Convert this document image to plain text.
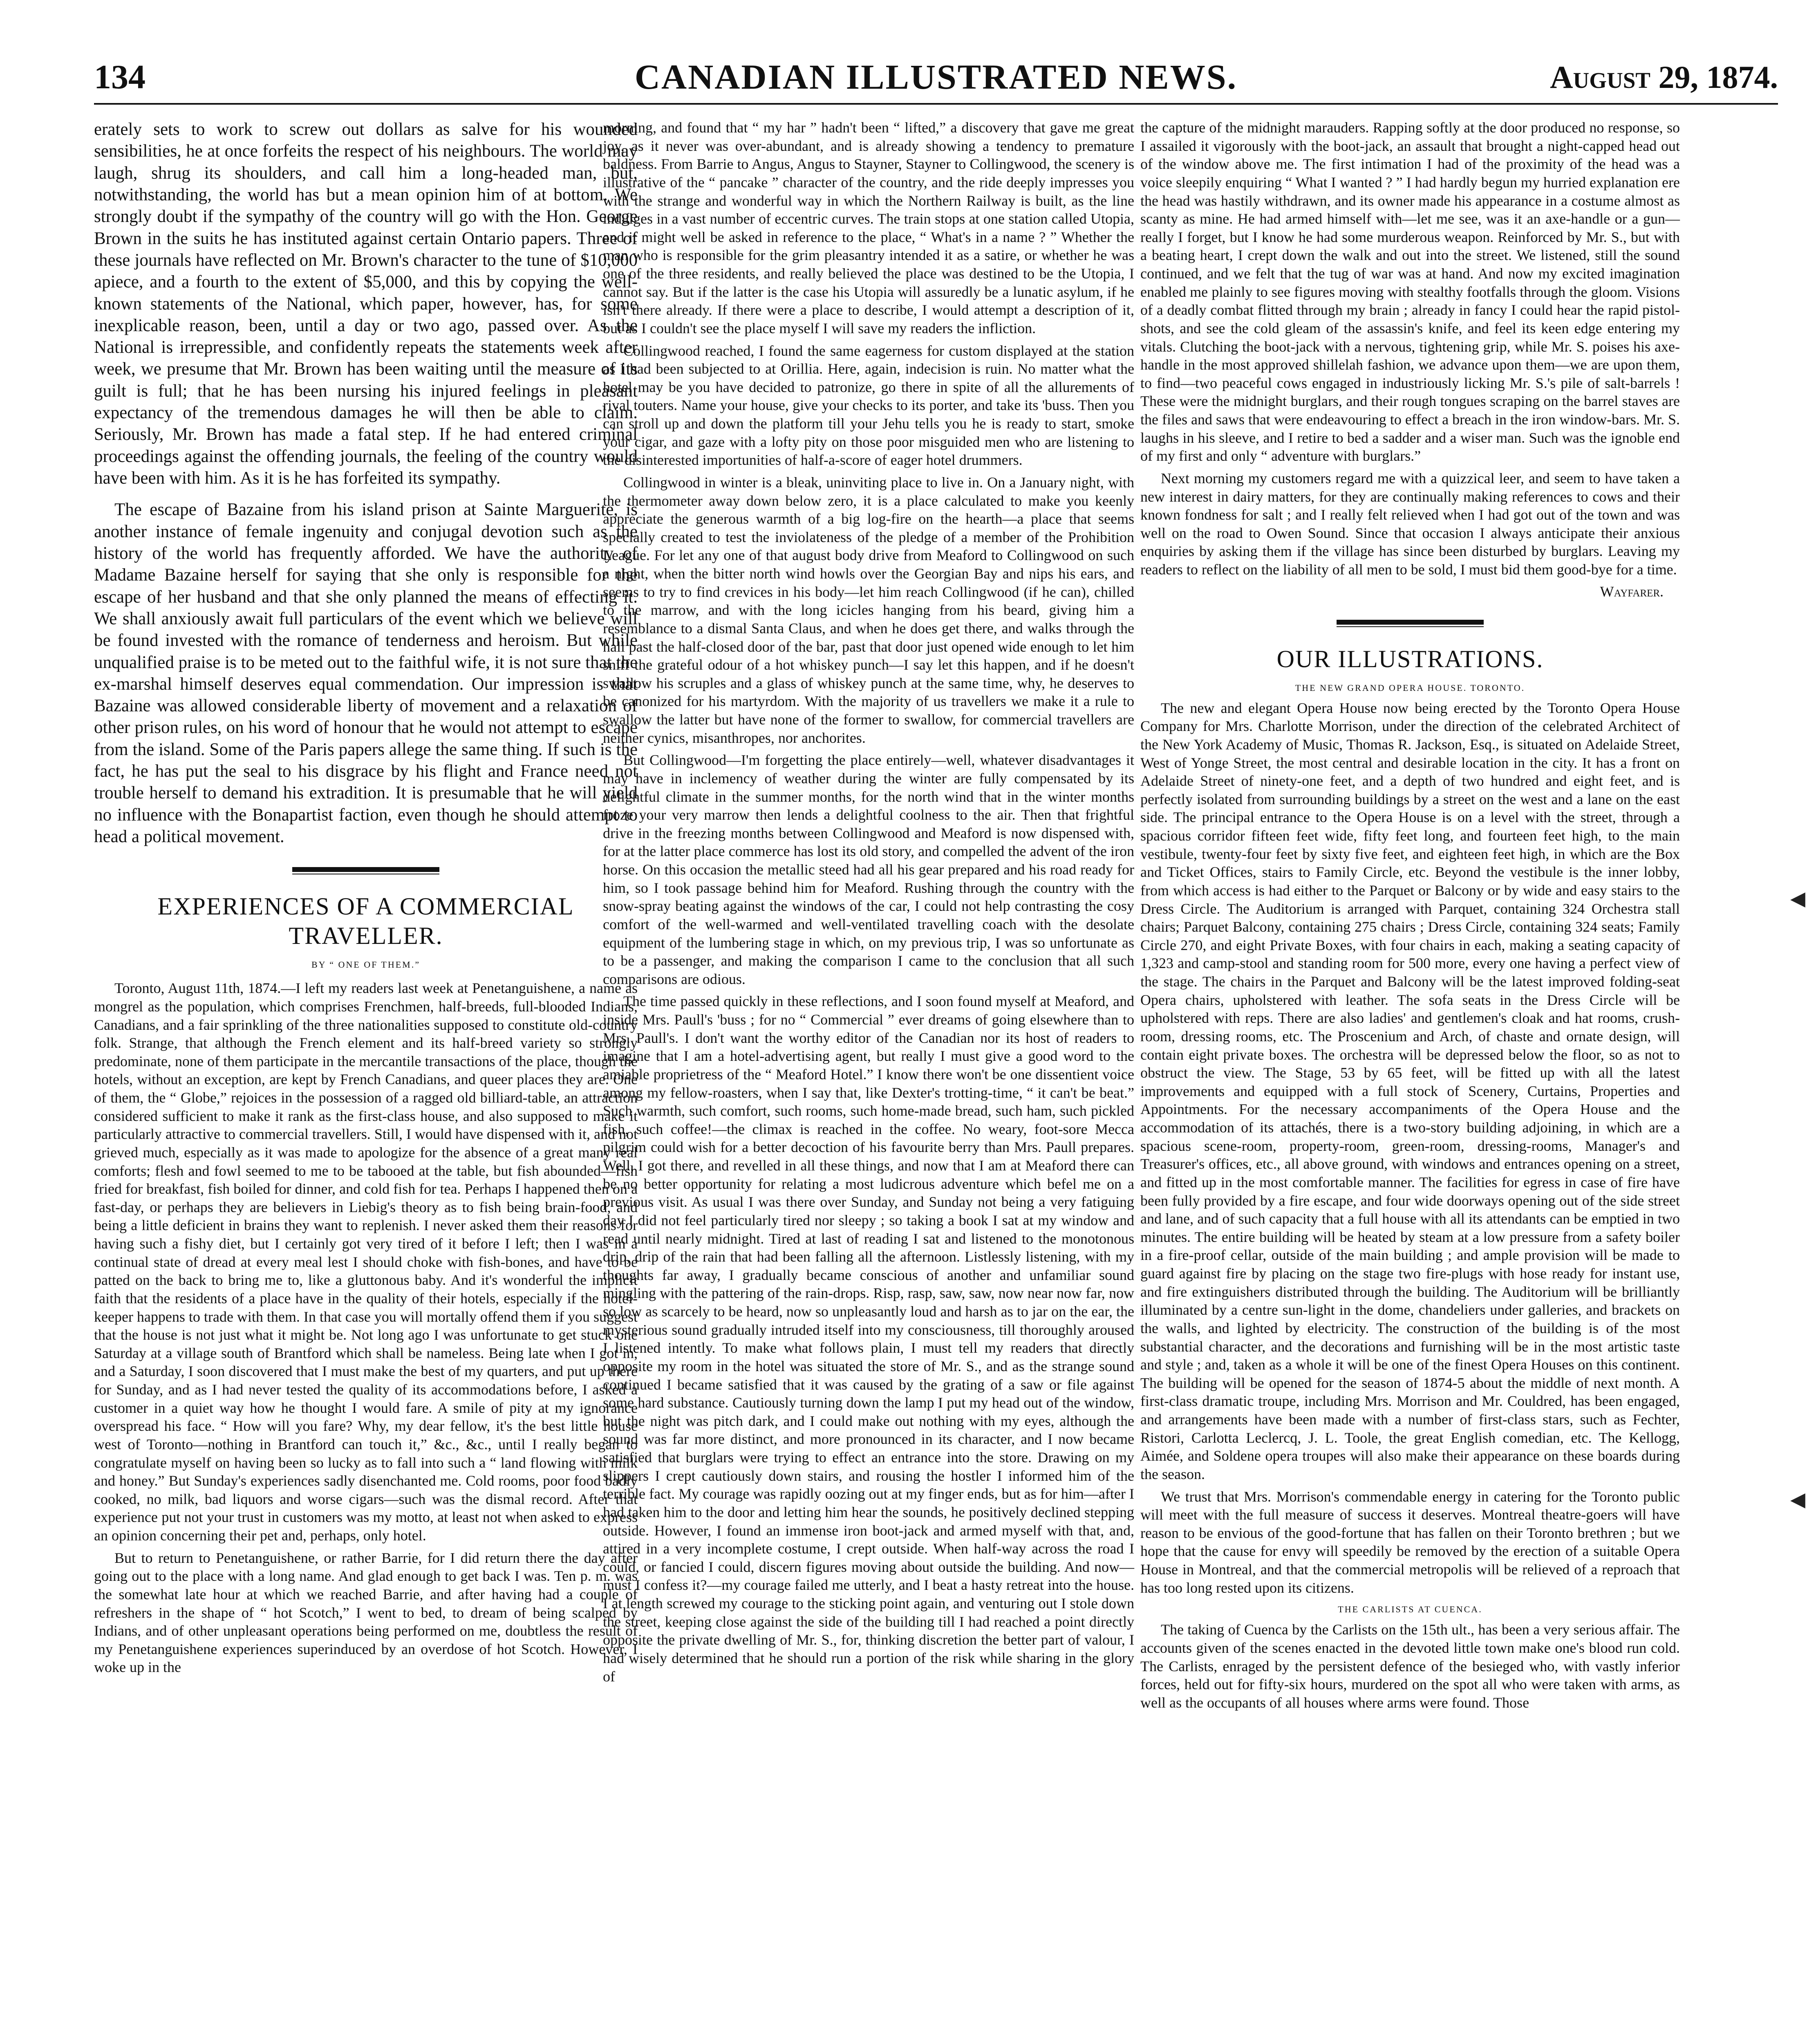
134	CANADIAN ILLUSTRATED NEWS.	August 29, 1874.

erately sets to work to screw out dollars as salve for his wounded sensibilities, he at once forfeits the respect of his neighbours. The world may laugh, shrug its shoulders, and call him a long-headed man, but, notwithstanding, the world has but a mean opinion him of at bottom. We strongly doubt if the sympathy of the country will go with the Hon. George Brown in the suits he has instituted against certain Ontario papers. Three of these journals have reflected on Mr. Brown's character to the tune of $10,000 apiece, and a fourth to the extent of $5,000, and this by copying the well-known statements of the National, which paper, however, has, for some inexplicable reason, been, until a day or two ago, passed over. As the National is irrepressible, and confidently repeats the statements week after week, we presume that Mr. Brown has been waiting until the measure of its guilt is full; that he has been nursing his injured feelings in pleasant expectancy of the tremendous damages he will then be able to claim. Seriously, Mr. Brown has made a fatal step. If he had entered criminal proceedings against the offending journals, the feeling of the country would have been with him. As it is he has forfeited its sympathy.

The escape of Bazaine from his island prison at Sainte Marguerite, is another instance of female ingenuity and conjugal devotion such as the history of the world has frequently afforded. We have the authority of Madame Bazaine herself for saying that she only is responsible for the escape of her husband and that she only planned the means of effecting it. We shall anxiously await full particulars of the event which we believe will be found invested with the romance of tenderness and heroism. But while unqualified praise is to be meted out to the faithful wife, it is not sure that the ex-marshal himself deserves equal commendation. Our impression is that Bazaine was allowed considerable liberty of movement and a relaxation of other prison rules, on his word of honour that he would not attempt to escape from the island. Some of the Paris papers allege the same thing. If such is the fact, he has put the seal to his disgrace by his flight and France need not trouble herself to demand his extradition. It is presumable that he will yield no influence with the Bonapartist faction, even though he should attempt to head a political movement.

EXPERIENCES OF A COMMERCIAL TRAVELLER.
BY “ ONE OF THEM.”

Toronto, August 11th, 1874.—I left my readers last week at Penetanguishene, a name as mongrel as the population, which comprises Frenchmen, half-breeds, full-blooded Indians, Canadians, and a fair sprinkling of the three nationalities supposed to constitute old-country folk. Strange, that although the French element and its half-breed variety so strongly predominate, none of them participate in the mercantile transactions of the place, though the hotels, without an exception, are kept by French Canadians, and queer places they are. One of them, the “ Globe,” rejoices in the possession of a ragged old billiard-table, an attraction considered sufficient to make it rank as the first-class house, and also supposed to make it particularly attractive to commercial travellers. Still, I would have dispensed with it, and not grieved much, especially as it was made to apologize for the absence of a great many real comforts; flesh and fowl seemed to me to be tabooed at the table, but fish abounded—fish fried for breakfast, fish boiled for dinner, and cold fish for tea. Perhaps I happened then on a fast-day, or perhaps they are believers in Liebig's theory as to fish being brain-food, and being a little deficient in brains they want to replenish. I never asked them their reasons for having such a fishy diet, but I certainly got very tired of it before I left; then I was in a continual state of dread at every meal lest I should choke with fish-bones, and have to be patted on the back to bring me to, like a gluttonous baby. And it's wonderful the implicit faith that the residents of a place have in the quality of their hotels, especially if the hotel-keeper happens to trade with them. In that case you will mortally offend them if you suggest that the house is not just what it might be. Not long ago I was unfortunate to get stuck one Saturday at a village south of Brantford which shall be nameless. Being late when I got in, and a Saturday, I soon discovered that I must make the best of my quarters, and put up there for Sunday, and as I had never tested the quality of its accommodations before, I asked a customer in a quiet way how he thought I would fare. A smile of pity at my ignorance overspread his face. “ How will you fare? Why, my dear fellow, it's the best little house west of Toronto—nothing in Brantford can touch it,” &c., &c., until I really began to congratulate myself on having been so lucky as to fall into such a “ land flowing with milk and honey.” But Sunday's experiences sadly disenchanted me. Cold rooms, poor food badly cooked, no milk, bad liquors and worse cigars—such was the dismal record. After that experience put not your trust in customers was my motto, at least not when asked to express an opinion concerning their pet and, perhaps, only hotel.

But to return to Penetanguishene, or rather Barrie, for I did return there the day after going out to the place with a long name. And glad enough to get back I was. Ten p. m. was the somewhat late hour at which we reached Barrie, and after having had a couple of refreshers in the shape of “ hot Scotch,” I went to bed, to dream of being scalped by Indians, and of other unpleasant operations being performed on me, doubtless the result of my Penetanguishene experiences superinduced by an overdose of hot Scotch. However, I woke up in the

morning, and found that “ my har ” hadn't been “ lifted,” a discovery that gave me great joy, as it never was over-abundant, and is already showing a tendency to premature baldness. From Barrie to Angus, Angus to Stayner, Stayner to Collingwood, the scenery is illustrative of the “ pancake ” character of the country, and the ride deeply impresses you with the strange and wonderful way in which the Northern Railway is built, as the line indulges in a vast number of eccentric curves. The train stops at one station called Utopia, and it might well be asked in reference to the place, “ What's in a name ? ” Whether the man who is responsible for the grim pleasantry intended it as a satire, or whether he was one of the three residents, and really believed the place was destined to be the Utopia, I cannot say. But if the latter is the case his Utopia will assuredly be a lunatic asylum, if he isn't there already. If there were a place to describe, I would attempt a description of it, but as I couldn't see the place myself I will save my readers the infliction.

Collingwood reached, I found the same eagerness for custom displayed at the station as I had been subjected to at Orillia. Here, again, indecision is ruin. No matter what the hotel may be you have decided to patronize, go there in spite of all the allurements of rival touters. Name your house, give your checks to its porter, and take its 'buss. Then you can stroll up and down the platform till your Jehu tells you he is ready to start, smoke your cigar, and gaze with a lofty pity on those poor misguided men who are listening to the disinterested importunities of half-a-score of eager hotel drummers.

Collingwood in winter is a bleak, uninviting place to live in. On a January night, with the thermometer away down below zero, it is a place calculated to make you keenly appreciate the generous warmth of a big log-fire on the hearth—a place that seems specially created to test the inviolateness of the pledge of a member of the Prohibition League. For let any one of that august body drive from Meaford to Collingwood on such a night, when the bitter north wind howls over the Georgian Bay and nips his ears, and seems to try to find crevices in his body—let him reach Collingwood (if he can), chilled to the marrow, and with the long icicles hanging from his beard, giving him a resemblance to a dismal Santa Claus, and when he does get there, and walks through the hall past the half-closed door of the bar, past that door just opened wide enough to let him sniff the grateful odour of a hot whiskey punch—I say let this happen, and if he doesn't swallow his scruples and a glass of whiskey punch at the same time, why, he deserves to be canonized for his martyrdom. With the majority of us travellers we make it a rule to swallow the latter but have none of the former to swallow, for commercial travellers are neither cynics, misanthropes, nor anchorites.

But Collingwood—I'm forgetting the place entirely—well, whatever disadvantages it may have in inclemency of weather during the winter are fully compensated by its delightful climate in the summer months, for the north wind that in the winter months froze your very marrow then lends a delightful coolness to the air. Then that frightful drive in the freezing months between Collingwood and Meaford is now dispensed with, for at the latter place commerce has lost its old story, and compelled the advent of the iron horse. On this occasion the metallic steed had all his gear prepared and his road ready for him, so I took passage behind him for Meaford. Rushing through the country with the snow-spray beating against the windows of the car, I could not help contrasting the cosy comfort of the well-warmed and well-ventilated travelling coach with the desolate equipment of the lumbering stage in which, on my previous trip, I was so unfortunate as to be a passenger, and making the comparison I came to the conclusion that all such comparisons are odious.

The time passed quickly in these reflections, and I soon found myself at Meaford, and inside Mrs. Paull's 'buss ; for no “ Commercial ” ever dreams of going elsewhere than to Mrs. Paull's. I don't want the worthy editor of the Canadian nor its host of readers to imagine that I am a hotel-advertising agent, but really I must give a good word to the amiable proprietress of the “ Meaford Hotel.” I know there won't be one dissentient voice among my fellow-roasters, when I say that, like Dexter's trotting-time, “ it can't be beat.” Such warmth, such comfort, such rooms, such home-made bread, such ham, such pickled fish, such coffee!—the climax is reached in the coffee. No weary, foot-sore Mecca pilgrim could wish for a better decoction of his favourite berry than Mrs. Paull prepares. Well, I got there, and revelled in all these things, and now that I am at Meaford there can be no better opportunity for relating a most ludicrous adventure which befel me on a previous visit. As usual I was there over Sunday, and Sunday not being a very fatiguing day I did not feel particularly tired nor sleepy ; so taking a book I sat at my window and read until nearly midnight. Tired at last of reading I sat and listened to the monotonous drip, drip of the rain that had been falling all the afternoon. Listlessly listening, with my thoughts far away, I gradually became conscious of another and unfamiliar sound mingling with the pattering of the rain-drops. Risp, rasp, saw, saw, now near now far, now so low as scarcely to be heard, now so unpleasantly loud and harsh as to jar on the ear, the mysterious sound gradually intruded itself into my consciousness, till thoroughly aroused I listened intently. To make what follows plain, I must tell my readers that directly opposite my room in the hotel was situated the store of Mr. S., and as the strange sound continued I became satisfied that it was caused by the grating of a saw or file against some hard substance. Cautiously turning down the lamp I put my head out of the window, but the night was pitch dark, and I could make out nothing with my eyes, although the sound was far more distinct, and more pronounced in its character, and I now became satisfied that burglars were trying to effect an entrance into the store. Drawing on my slippers I crept cautiously down stairs, and rousing the hostler I informed him of the terrible fact. My courage was rapidly oozing out at my finger ends, but as for him—after I had taken him to the door and letting him hear the sounds, he positively declined stepping outside. However, I found an immense iron boot-jack and armed myself with that, and, attired in a very incomplete costume, I crept outside. When half-way across the road I could, or fancied I could, discern figures moving about outside the building. And now—must I confess it?—my courage failed me utterly, and I beat a hasty retreat into the house. I at length screwed my courage to the sticking point again, and venturing out I stole down the street, keeping close against the side of the building till I had reached a point directly opposite the private dwelling of Mr. S., for, thinking discretion the better part of valour, I had wisely determined that he should run a portion of the risk while sharing in the glory of

the capture of the midnight marauders. Rapping softly at the door produced no response, so I assailed it vigorously with the boot-jack, an assault that brought a night-capped head out of the window above me. The first intimation I had of the proximity of the head was a voice sleepily enquiring “ What I wanted ? ” I had hardly begun my hurried explanation ere the head was hastily withdrawn, and its owner made his appearance in a costume almost as scanty as mine. He had armed himself with—let me see, was it an axe-handle or a gun—really I forget, but I know he had some murderous weapon. Reinforced by Mr. S., but with a beating heart, I crept down the walk and out into the street. We listened, still the sound continued, and we felt that the tug of war was at hand. And now my excited imagination enabled me plainly to see figures moving with stealthy footfalls through the gloom. Visions of a deadly combat flitted through my brain ; already in fancy I could hear the rapid pistol-shots, and see the cold gleam of the assassin's knife, and feel its keen edge entering my vitals. Clutching the boot-jack with a nervous, tightening grip, while Mr. S. poises his axe-handle in the most approved shillelah fashion, we advance upon them—we are upon them, to find—two peaceful cows engaged in industriously licking Mr. S.'s pile of salt-barrels ! These were the midnight burglars, and their rough tongues scraping on the barrel staves are the files and saws that were endeavouring to effect a breach in the iron window-bars. Mr. S. laughs in his sleeve, and I retire to bed a sadder and a wiser man. Such was the ignoble end of my first and only “ adventure with burglars.”

Next morning my customers regard me with a quizzical leer, and seem to have taken a new interest in dairy matters, for they are continually making references to cows and their known fondness for salt ; and I really felt relieved when I had got out of the town and was well on the road to Owen Sound. Since that occasion I always anticipate their anxious enquiries by asking them if the village has since been disturbed by burglars. Leaving my readers to reflect on the liability of all men to be sold, I must bid them good-bye for a time.

Wayfarer.
OUR ILLUSTRATIONS.
THE NEW GRAND OPERA HOUSE. TORONTO.

The new and elegant Opera House now being erected by the Toronto Opera House Company for Mrs. Charlotte Morrison, under the direction of the celebrated Architect of the New York Academy of Music, Thomas R. Jackson, Esq., is situated on Adelaide Street, West of Yonge Street, the most central and desirable location in the city. It has a front on Adelaide Street of ninety-one feet, and a depth of two hundred and eight feet, and is perfectly isolated from surrounding buildings by a street on the west and a lane on the east side. The principal entrance to the Opera House is on a level with the street, through a spacious corridor fifteen feet wide, fifty feet long, and fourteen feet high, to the main vestibule, twenty-four feet by sixty five feet, and eighteen feet high, in which are the Box and Ticket Offices, stairs to Family Circle, etc. Beyond the vestibule is the inner lobby, from which access is had either to the Parquet or Balcony or by wide and easy stairs to the Dress Circle. The Auditorium is arranged with Parquet, containing 324 Orchestra stall chairs; Parquet Balcony, containing 275 chairs ; Dress Circle, containing 324 seats; Family Circle 270, and eight Private Boxes, with four chairs in each, making a seating capacity of 1,323 and camp-stool and standing room for 500 more, every one having a perfect view of the stage. The chairs in the Parquet and Balcony will be the latest improved folding-seat Opera chairs, upholstered with leather. The sofa seats in the Dress Circle will be upholstered with reps. There are also ladies' and gentlemen's cloak and hat rooms, crush-room, dressing rooms, etc. The Proscenium and Arch, of chaste and ornate design, will contain eight private boxes. The orchestra will be depressed below the floor, so as not to obstruct the view. The Stage, 53 by 65 feet, will be fitted up with all the latest improvements and equipped with a full stock of Scenery, Curtains, Properties and Appointments. For the necessary accompaniments of the Opera House and the accommodation of its attachés, there is a two-story building adjoining, in which are a spacious scene-room, property-room, green-room, dressing-rooms, Manager's and Treasurer's offices, etc., all above ground, with windows and entrances opening on a street, and fitted up in the most comfortable manner. The facilities for egress in case of fire have been fully provided by a fire escape, and four wide doorways opening out of the side street and lane, and of such capacity that a full house with all its attendants can be emptied in two minutes. The entire building will be heated by steam at a low pressure from a safety boiler in a fire-proof cellar, outside of the main building ; and ample provision will be made to guard against fire by placing on the stage two fire-plugs with hose ready for instant use, and fire extinguishers distributed through the building. The Auditorium will be brilliantly illuminated by a centre sun-light in the dome, chandeliers under galleries, and brackets on the walls, and lighted by electricity. The construction of the building is of the most substantial character, and the decorations and furnishing will be in the most artistic taste and style ; and, taken as a whole it will be one of the finest Opera Houses on this continent. The building will be opened for the season of 1874-5 about the middle of next month. A first-class dramatic troupe, including Mrs. Morrison and Mr. Couldred, has been engaged, and arrangements have been made with a number of first-class stars, such as Fechter, Ristori, Carlotta Leclercq, J. L. Toole, the great English comedian, etc. The Kellogg, Aimée, and Soldene opera troupes will also make their appearance on these boards during the season.

We trust that Mrs. Morrison's commendable energy in catering for the Toronto public will meet with the full measure of success it deserves. Montreal theatre-goers will have reason to be envious of the good-fortune that has fallen on their Toronto brethren ; but we hope that the cause for envy will speedily be removed by the erection of a suitable Opera House in Montreal, and that the commercial metropolis will be relieved of a reproach that has too long rested upon its citizens.

THE CARLISTS AT CUENCA.

The taking of Cuenca by the Carlists on the 15th ult., has been a very serious affair. The accounts given of the scenes enacted in the devoted little town make one's blood run cold. The Carlists, enraged by the persistent defence of the besieged who, with vastly inferior forces, held out for fifty-six hours, murdered on the spot all who were taken with arms, as well as the occupants of all houses where arms were found. Those

◀
◀
